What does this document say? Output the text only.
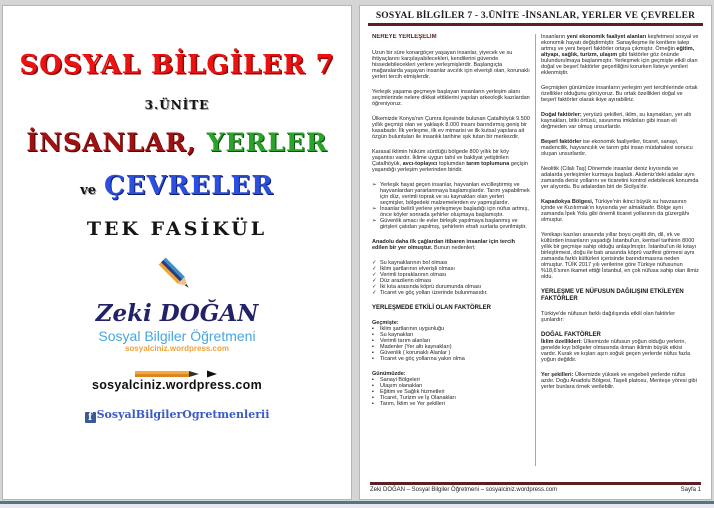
SOSYAL BİLGİLER 7
3.ÜNİTE
İNSANLAR, YERLER
ve ÇEVRELER
TEK FASİKÜL
Zeki DOĞAN
Sosyal Bilgiler Öğretmeni
sosyalciniz.wordpress.com
sosyalciniz.wordpress.com
f SosyalBilgilerOgretmenlerii
SOSYAL BİLGİLER 7 - 3.ÜNİTE -İNSANLAR, YERLER VE ÇEVRELER
NEREYE YERLEŞELİM

Uzun bir süre konargöçer yaşayan insanlar, yiyecek ve su ihtiyaçlarını karşılayabilecekleri, kendilerini güvende hissedebilecekleri yerlere yerleşmişlerdir. Başlangıçta mağaralarda yaşayan insanlar avcılık için elverişli olan, korunaklı yerleri tercih etmişlerdir.

Yerleşik yaşama geçmeye başlayan insanların yerleşim alanı seçimlerinde nelere dikkat ettiklerini yapılan arkeolojik kazılardan öğreniyoruz.

Ülkemizde Konya'nın Çumra ilçesinde bulunan Çatalhöyük 9.500 yıllık geçmişi olan ve yaklaşık 8.000 insanı barındırmış geniş bir kasabadır. İlk yerleşme, ilk ev mimarisi ve ilk kutsal yapılara ait özgün buluntuları ile insanlık tarihine ışık tutan bir merkezdir.

Karasal iklimin hüküm sürdüğü bölgede 800 yıllık bir köy yaşantısı vardır. İklime uygun tahıl ve bakliyat yetiştirilen Çatalhöyük, avcı-toplayıcı toplumdan tarım toplumuna geçişin yaşandığı yerleşim yerlerinden biridir.

➢ Yerleşik hayat geçen insanlar, hayvanları evcilleştirmiş ve hayvanlardan yararlanmaya başlamışlardır. Tarım yapabilmek için düz, verimli toprak ve su kaynakları olan yerleri seçmişler, bölgedeki malzemelerden ev yapmışlardır.
➢ İnsanlar belirli yerlere yerleşmeye başladığı için nüfus artmış, önce köyler sonrada şehirler oluşmaya başlamıştır.
➢ Güvenlik amacı ile evler birleşik yapılmaya başlanmış ve girişleri çatıdan yapılmış, şehirlerin etrafı surlarla çevrilmiştir.

Anadolu daha ilk çağlardan itibaren insanlar için tercih edilen bir yer olmuştur. Bunun nedenleri;

✓ Su kaynaklarının bol olması
✓ İklim şartlarının elverişli olması
✓ Verimli topraklarının olması
✓ Düz arazilerin olması
✓ İki kıta arasında köprü durumunda olması
✓ Ticaret ve göç yolları üzerinde bulunmasıdır.
YERLEŞMEDE ETKİLİ OLAN FAKTÖRLER
Geçmişte:
▪	İklim şartlarının uygunluğu
▪	Su kaynakları
▪	Verimli tarım alanları
▪	Madenler (Yer altı kaynakları)
▪	Güvenlik ( korunaklı Alanlar )
▪	Ticaret ve göç yollarına yakın olma
Günümüzde:
▪	Sanayi Bölgeleri
▪	Ulaşım olanakları
▪	Eğitim ve Sağlık hizmetleri
▪	Ticaret, Turizm ve İş Olanakları
▪	Tarım, İklim ve Yer şekilleri

İnsanların yeni ekonomik faaliyet alanları keşfetmesi sosyal ve ekonomik hayatı değiştirmiştir. Sanayileşme ile kentlere talep artmış ve yeni beşerî faktörler ortaya çıkmıştır. Örneğin eğitim, altyapı, sağlık, turizm, ulaşım gibi faktörler göz önünde bulundurulmaya başlanmıştır. Yerleşmek için geçmişte etkili olan doğal ve beşerî faktörler geçerliliğini korurken listeye yenileri eklenmiştir.

Geçmişten günümüze insanların yerleşim yeri tercihlerinde ortak özellikler olduğunu görüyoruz. Bu ortak özellikleri doğal ve beşerî faktörler olarak ikiye ayırabiliriz.

Doğal faktörler; yeryüzü şekilleri, iklim, su kaynakları, yer altı kaynakları, bitki örtüsü, savunma imkânları gibi insan eli değmeden var olmuş unsurlardır.

Beşerî faktörler ise ekonomik faaliyetler, ticaret, sanayi, madencilik, hayvancılık ve tarım gibi insan müdahalesi sonucu oluşan unsurlardır.

Neolitik (Cilalı Taş) Dönemde insanlar deniz kıyısında ve adalarda yerleşimler kurmaya başladı. Akdeniz'deki adalar aynı zamanda deniz yollarını ve ticaretini kontrol edebilecek konumda yer alıyordu. Bu adalardan biri de Sicilya'dır.

Kapadokya Bölgesi, Türkiye'nin ikinci büyük su havzasının içinde ve Kızılırmak'ın kıyısında yer almaktadır. Bölge aynı zamanda İpek Yolu gibi önemli ticaret yollarının da güzergâhı olmuştur.

Yenikapı kazıları arasında yıllar boyu çeşitli din, dil, ırk ve kültürden insanların yaşadığı İstanbul'un, kentsel tarihinin 8000 yıllık bir geçmişe sahip olduğu anlaşılmıştır. İstanbul'un iki kıtayı birleştirmesi, doğu ile batı arasında köprü vazifesi görmesi aynı zamanda farklı kültürleri içerisinde barındırmasına neden olmuştur. TÜİK 2017 yılı verilerine göre Türkiye nüfusunun %18,6'sının ikamet ettiği İstanbul, en çok nüfusa sahip olan ilimiz oldu.

YERLEŞME VE NÜFUSUN DAĞILIŞINI ETKİLEYEN FAKTÖRLER

Türkiye'de nüfusun farklı dağılışında etkili olan faktörler şunlardır:

DOĞAL FAKTÖRLER

İklim özellikleri: Ülkemizde nüfusun yoğun olduğu yerlerin, genelde kıyı bölgeler olmasında ılıman iklimin büyük etkisi vardır. Kurak ve kışları aşırı soğuk geçen yerlerde nüfus fazla yoğun değildir.

Yer şekilleri: Ülkemizde yüksek ve engebeli yerlerde nüfus azdır. Doğu Anadolu Bölgesi, Taşeli platosu, Menteşe yöresi gibi yerler bunlara örnek verilebilir.

Zeki DOĞAN – Sosyal Bilgiler Öğretmeni – sosyalciniz.wordpress.com	Sayfa 1
